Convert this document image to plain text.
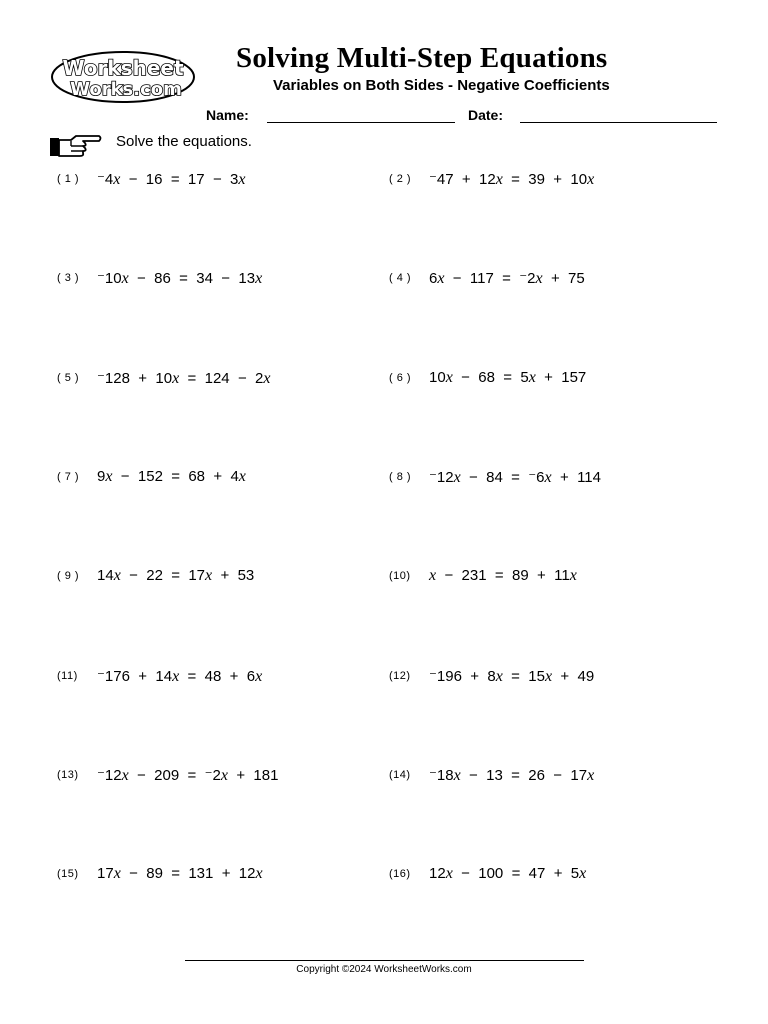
Worksheet
Works.com
Solving Multi-Step Equations
Variables on Both Sides - Negative Coefficients
Name:	Date:
Solve the equations.
( 1 ) ⁻4x  −  16  =  17  −  3x	( 2 ) ⁻47  +  12x  =  39  +  10x
( 3 ) ⁻10x  −  86  =  34  −  13x	( 4 ) 6x  −  117  =  ⁻2x  +  75
( 5 ) ⁻128  +  10x  =  124  −  2x	( 6 ) 10x  −  68  =  5x  +  157
( 7 ) 9x  −  152  =  68  +  4x	( 8 ) ⁻12x  −  84  =  ⁻6x  +  114
( 9 ) 14x  −  22  =  17x  +  53	(10) x  −  231  =  89  +  11x
(11) ⁻176  +  14x  =  48  +  6x	(12) ⁻196  +  8x  =  15x  +  49
(13) ⁻12x  −  209  =  ⁻2x  +  181	(14) ⁻18x  −  13  =  26  −  17x
(15) 17x  −  89  =  131  +  12x	(16) 12x  −  100  =  47  +  5x
Copyright ©2024 WorksheetWorks.com
